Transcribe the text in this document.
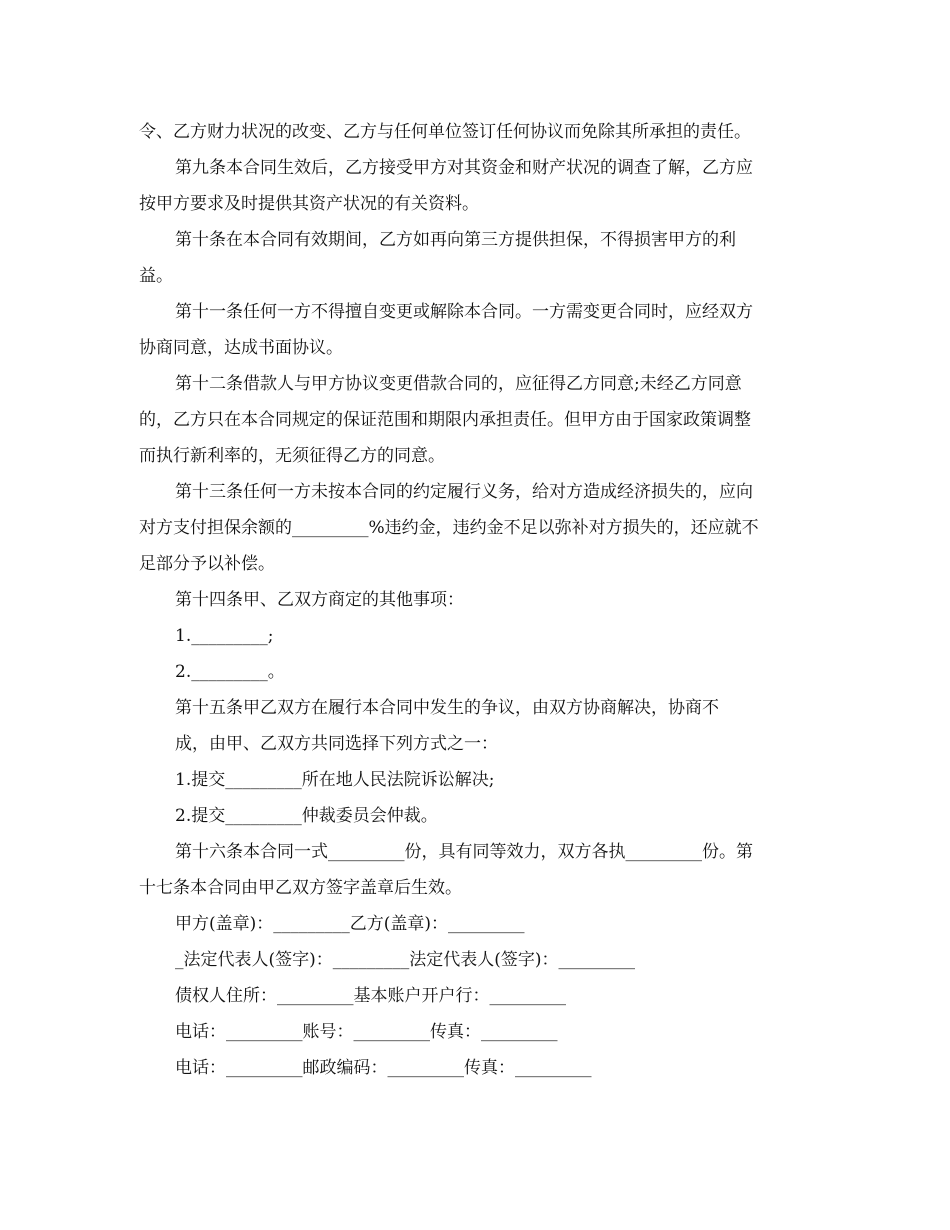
令、乙方财力状况的改变、乙方与任何单位签订任何协议而免除其所承担的责任。
第九条本合同生效后，乙方接受甲方对其资金和财产状况的调查了解，乙方应
按甲方要求及时提供其资产状况的有关资料。
第十条在本合同有效期间，乙方如再向第三方提供担保，不得损害甲方的利
益。
第十一条任何一方不得擅自变更或解除本合同。一方需变更合同时，应经双方
协商同意，达成书面协议。
第十二条借款人与甲方协议变更借款合同的，应征得乙方同意;未经乙方同意
的，乙方只在本合同规定的保证范围和期限内承担责任。但甲方由于国家政策调整
而执行新利率的，无须征得乙方的同意。
第十三条任何一方未按本合同的约定履行义务，给对方造成经济损失的，应向
对方支付担保余额的_________%违约金，违约金不足以弥补对方损失的，还应就不
足部分予以补偿。
第十四条甲、乙双方商定的其他事项：
1._________;
2._________。
第十五条甲乙双方在履行本合同中发生的争议，由双方协商解决，协商不
成，由甲、乙双方共同选择下列方式之一：
1.提交_________所在地人民法院诉讼解决;
2.提交_________仲裁委员会仲裁。
第十六条本合同一式_________份，具有同等效力，双方各执_________份。第
十七条本合同由甲乙双方签字盖章后生效。
甲方(盖章)：_________乙方(盖章)：_________
_法定代表人(签字)：_________法定代表人(签字)：_________
债权人住所：_________基本账户开户行：_________
电话：_________账号：_________传真：_________
电话：_________邮政编码：_________传真：_________
